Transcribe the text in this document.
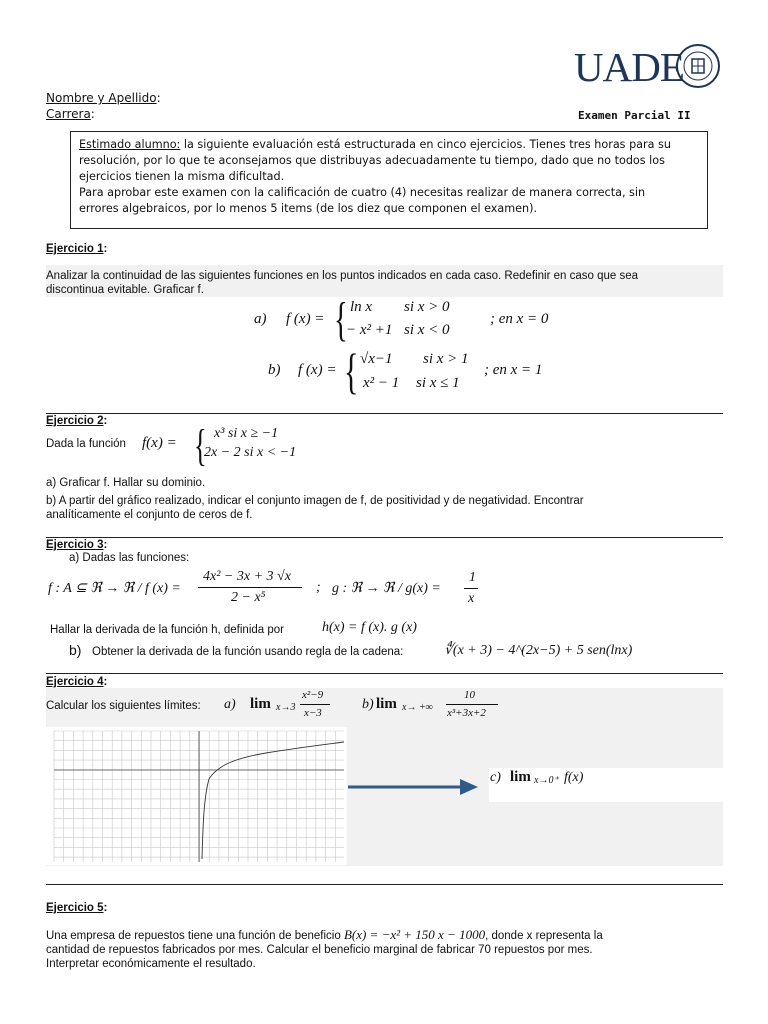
UADE
Nombre y Apellido:
Carrera:	Examen Parcial II
Estimado alumno: la siguiente evaluación está estructurada en cinco ejercicios. Tienes tres horas para su
resolución, por lo que te aconsejamos que distribuyas adecuadamente tu tiempo, dado que no todos los
ejercicios tienen la misma dificultad.
Para aprobar este examen con la calificación de cuatro (4) necesitas realizar de manera correcta, sin
errores algebraicos, por lo menos 5 items (de los diez que componen el examen).
Ejercicio 1:
Analizar la continuidad de las siguientes funciones en los puntos indicados en cada caso. Redefinir en caso que sea
discontinua evitable. Graficar f.
a) f (x) = { ln x si x > 0
− x² +1 si x < 0
; en x = 0
b) f (x) = { √x−1 si x > 1
x² − 1 si x ≤ 1
; en x = 1
Ejercicio 2:
Dada la función f(x) = { x³ si x ≥ −1
2x − 2 si x < −1
a) Graficar f. Hallar su dominio.
b) A partir del gráfico realizado, indicar el conjunto imagen de f, de positividad y de negatividad. Encontrar
analíticamente el conjunto de ceros de f.
Ejercicio 3:
a) Dadas las funciones:
f : A ⊆ ℜ → ℜ / f (x) =
4x² − 3x + 3 √x
2 − x⁵
; g : ℜ → ℜ / g(x) =
1
x
Hallar la derivada de la función h, definida por	h(x) = f (x). g (x)
b) Obtener la derivada de la función usando regla de la cadena:	∜(x + 3) − 4^(2x−5) + 5 sen(lnx)
Ejercicio 4:
Calcular los siguientes límites: a) lim x→3
x²−9
x−3
b) lim x→ +∞
10
x³+3x+2
c) lim x→0⁺ f(x)
Ejercicio 5:
Una empresa de repuestos tiene una función de beneficio B(x) = −x² + 150 x − 1000, donde x representa la
cantidad de repuestos fabricados por mes. Calcular el beneficio marginal de fabricar 70 repuestos por mes.
Interpretar económicamente el resultado.
